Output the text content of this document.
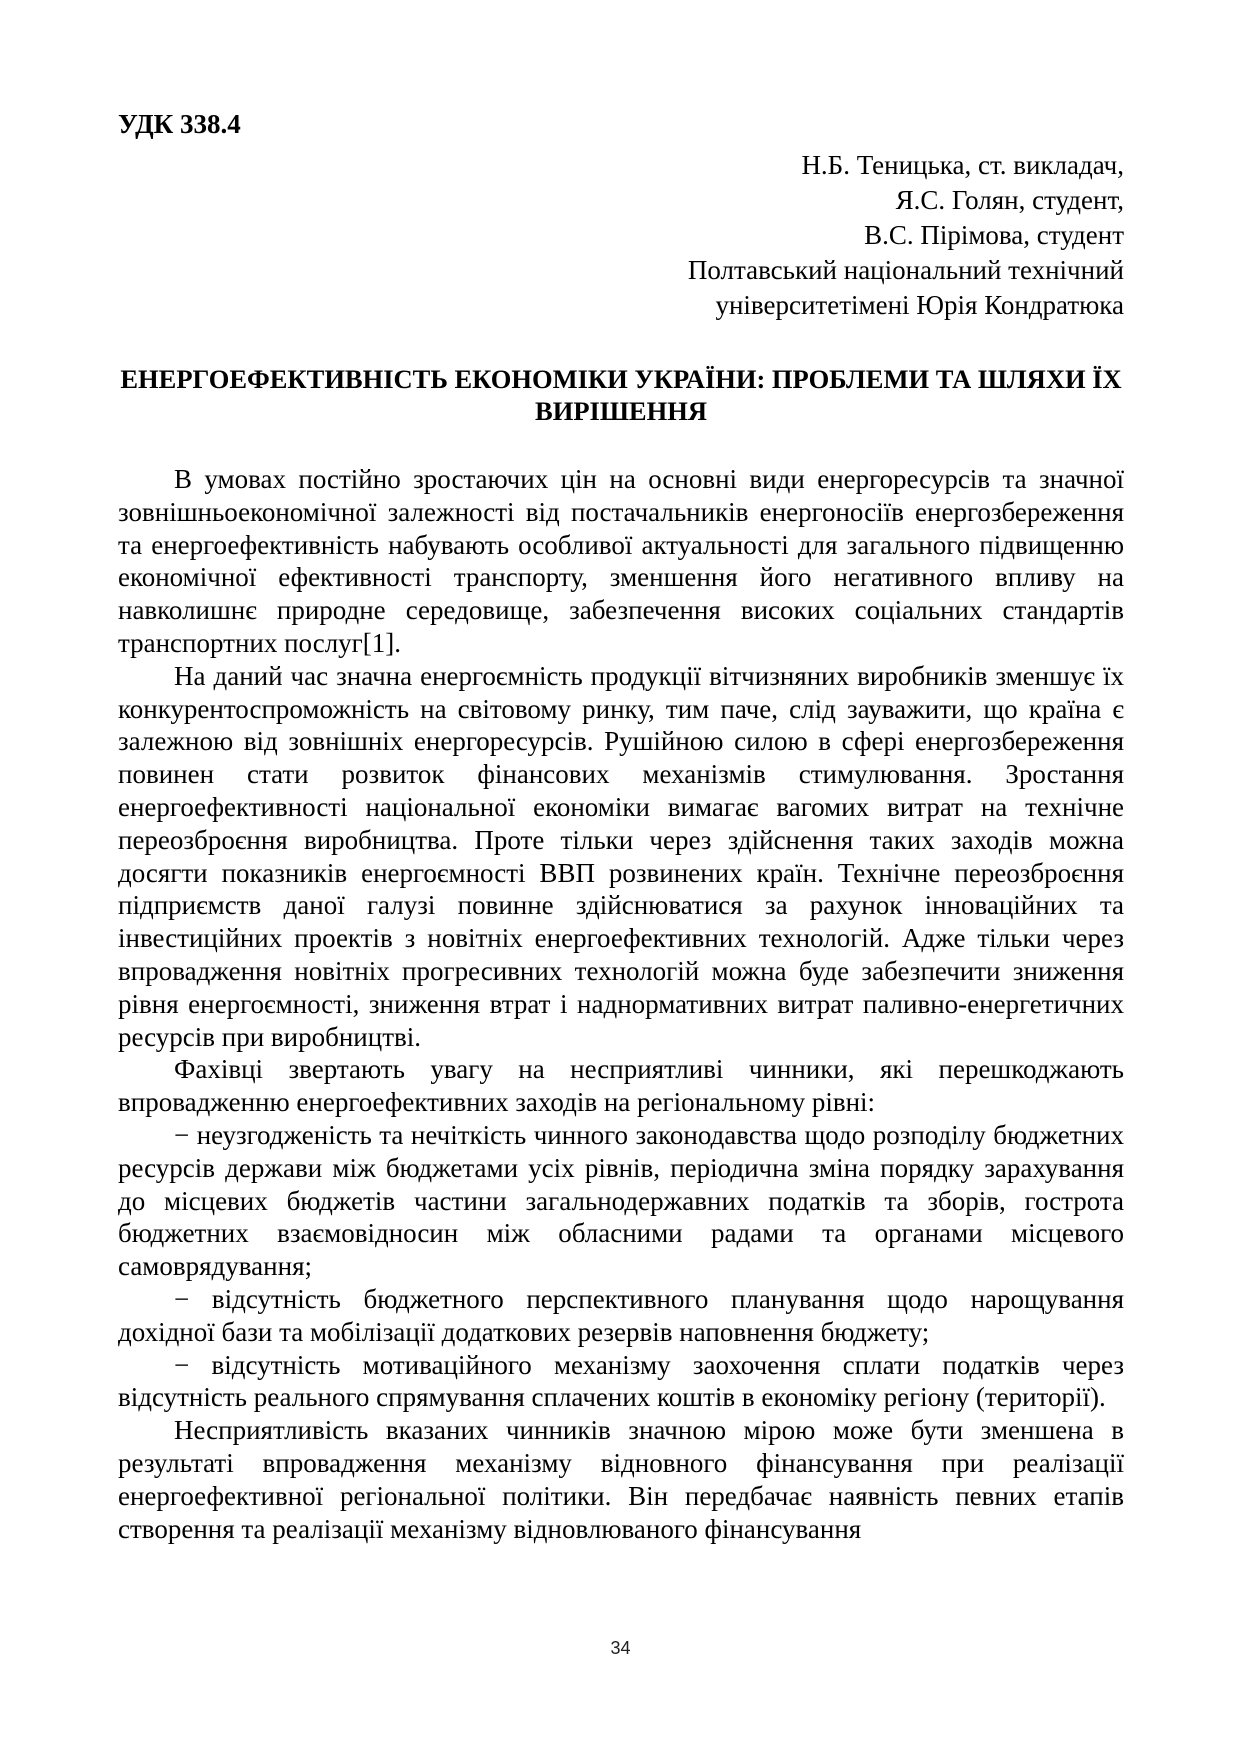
УДК 338.4

Н.Б. Теницька, ст. викладач,
Я.С. Голян, студент,
В.С. Пірімова, студент
Полтавський національний технічний
університетімені Юрія Кондратюка
ЕНЕРГОЕФЕКТИВНІСТЬ ЕКОНОМІКИ УКРАЇНИ: ПРОБЛЕМИ ТА ШЛЯХИ ЇХ ВИРІШЕННЯ

В умовах постійно зростаючих цін на основні види енергоресурсів та значної зовнішньоекономічної залежності від постачальників енергоносіїв енергозбереження та енергоефективність набувають особливої актуальності для загального підвищенню економічної ефективності транспорту, зменшення його негативного впливу на навколишнє природне середовище, забезпечення високих соціальних стандартів транспортних послуг[1].

На даний час значна енергоємність продукції вітчизняних виробників зменшує їх конкурентоспроможність на світовому ринку, тим паче, слід зауважити, що країна є залежною від зовнішніх енергоресурсів. Рушійною силою в сфері енергозбереження повинен стати розвиток фінансових механізмів стимулювання. Зростання енергоефективності національної економіки вимагає вагомих витрат на технічне переозброєння виробництва. Проте тільки через здійснення таких заходів можна досягти показників енергоємності ВВП розвинених країн. Технічне переозброєння підприємств даної галузі повинне здійснюватися за рахунок інноваційних та інвестиційних проектів з новітніх енергоефективних технологій. Адже тільки через впровадження новітніх прогресивних технологій можна буде забезпечити зниження рівня енергоємності, зниження втрат і наднормативних витрат паливно-енергетичних ресурсів при виробництві.

Фахівці звертають увагу на несприятливі чинники, які перешкоджають впровадженню енергоефективних заходів на регіональному рівні:

− неузгодженість та нечіткість чинного законодавства щодо розподілу бюджетних ресурсів держави між бюджетами усіх рівнів, періодична зміна порядку зарахування до місцевих бюджетів частини загальнодержавних податків та зборів, гострота бюджетних взаємовідносин між обласними радами та органами місцевого самоврядування;

− відсутність бюджетного перспективного планування щодо нарощування дохідної бази та мобілізації додаткових резервів наповнення бюджету;

− відсутність мотиваційного механізму заохочення сплати податків через відсутність реального спрямування сплачених коштів в економіку регіону (території).

Несприятливість вказаних чинників значною мірою може бути зменшена в результаті впровадження механізму відновного фінансування при реалізації енергоефективної регіональної політики. Він передбачає наявність певних етапів створення та реалізації механізму відновлюваного фінансування

34
